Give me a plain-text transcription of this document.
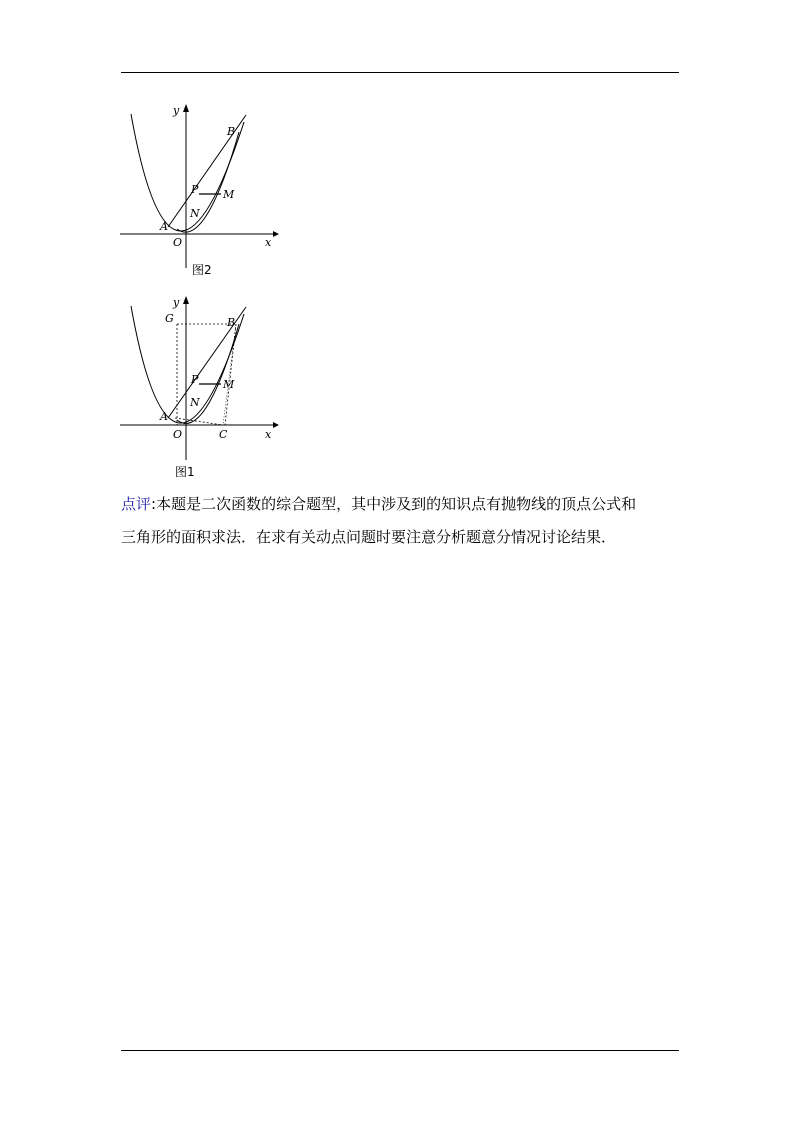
y
x
B
P M
N
A
O
图2
y
x
G	B
P M
N
A
O	C
图1
点评:本题是二次函数的综合题型，其中涉及到的知识点有抛物线的顶点公式和
三角形的面积求法．在求有关动点问题时要注意分析题意分情况讨论结果．
